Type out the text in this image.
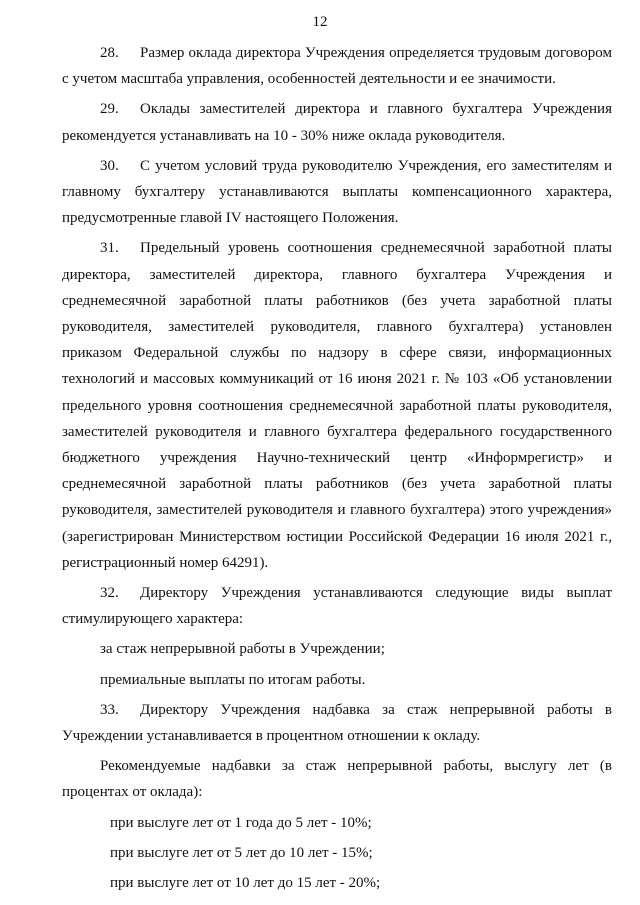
12

28. Размер оклада директора Учреждения определяется трудовым договором с учетом масштаба управления, особенностей деятельности и ее значимости.

29. Оклады заместителей директора и главного бухгалтера Учреждения рекомендуется устанавливать на 10 - 30% ниже оклада руководителя.

30. С учетом условий труда руководителю Учреждения, его заместителям и главному бухгалтеру устанавливаются выплаты компенсационного характера, предусмотренные главой IV настоящего Положения.

31. Предельный уровень соотношения среднемесячной заработной платы директора, заместителей директора, главного бухгалтера Учреждения и среднемесячной заработной платы работников (без учета заработной платы руководителя, заместителей руководителя, главного бухгалтера) установлен приказом Федеральной службы по надзору в сфере связи, информационных технологий и массовых коммуникаций от 16 июня 2021 г. № 103 «Об установлении предельного уровня соотношения среднемесячной заработной платы руководителя, заместителей руководителя и главного бухгалтера федерального государственного бюджетного учреждения Научно-технический центр «Информрегистр» и среднемесячной заработной платы работников (без учета заработной платы руководителя, заместителей руководителя и главного бухгалтера) этого учреждения» (зарегистрирован Министерством юстиции Российской Федерации 16 июля 2021 г., регистрационный номер 64291).

32. Директору Учреждения устанавливаются следующие виды выплат стимулирующего характера:

за стаж непрерывной работы в Учреждении;

премиальные выплаты по итогам работы.

33. Директору Учреждения надбавка за стаж непрерывной работы в Учреждении устанавливается в процентном отношении к окладу.

Рекомендуемые надбавки за стаж непрерывной работы, выслугу лет (в процентах от оклада):

при выслуге лет от 1 года до 5 лет - 10%;

при выслуге лет от 5 лет до 10 лет - 15%;

при выслуге лет от 10 лет до 15 лет - 20%;
